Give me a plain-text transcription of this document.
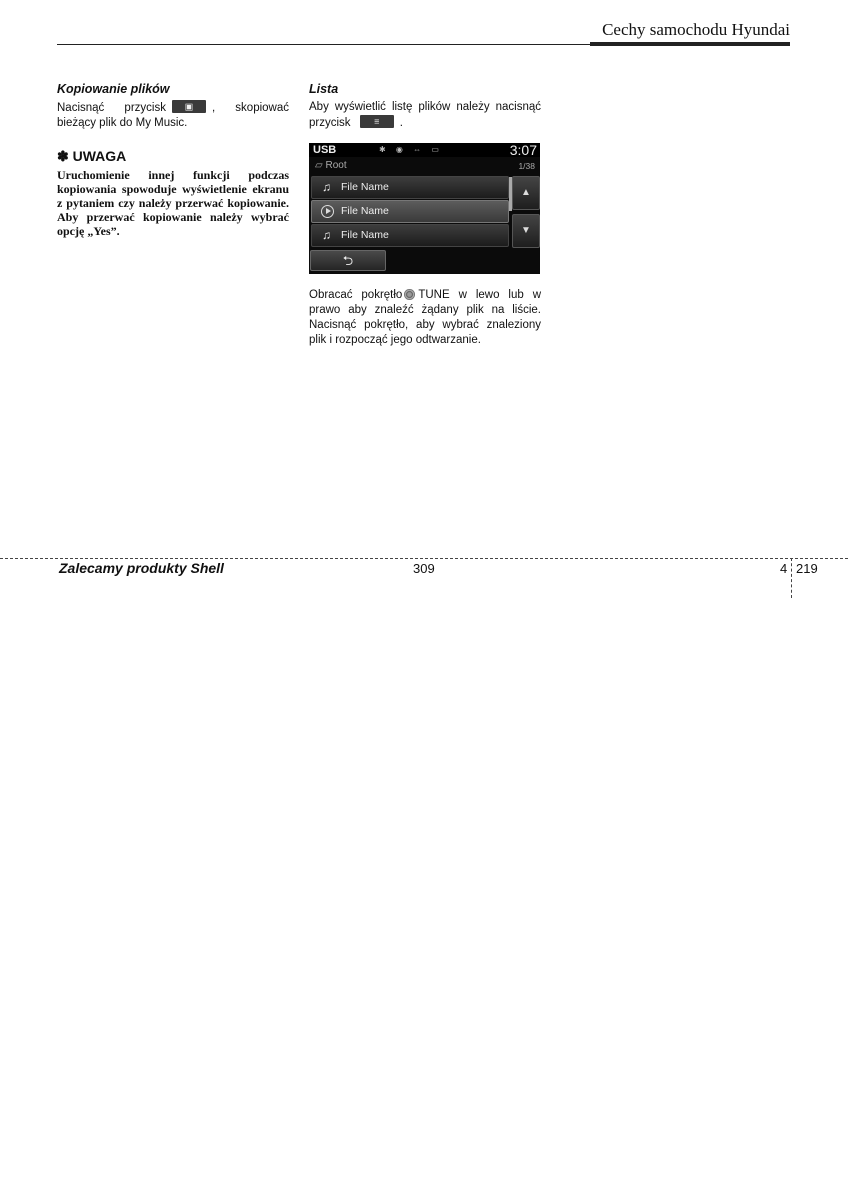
Cechy samochodu Hyundai
Kopiowanie plików

Nacisnąć przycisk ▣ , skopiować bieżący plik do My Music.

✽ UWAGA

Uruchomienie innej funkcji podczas kopiowania spowoduje wyświetlenie ekranu z pytaniem czy należy przerwać kopiowanie. Aby przerwać kopiowanie należy wybrać opcję „Yes”.

Lista

Aby wyświetlić listę plików należy nacisnąć przycisk	≡ .

USB	✱ ◉ ⇔ ▭	3:07
▱ Root	1/38
♫ File Name
File Name
♫ File Name
▲
▼
⮌
Obracać pokrętło TUNE w lewo lub w prawo aby znaleźć żądany plik na liście. Nacisnąć pokrętło, aby wybrać znaleziony plik i rozpocząć jego odtwarzanie.
Zalecamy produkty Shell	309	4 219
